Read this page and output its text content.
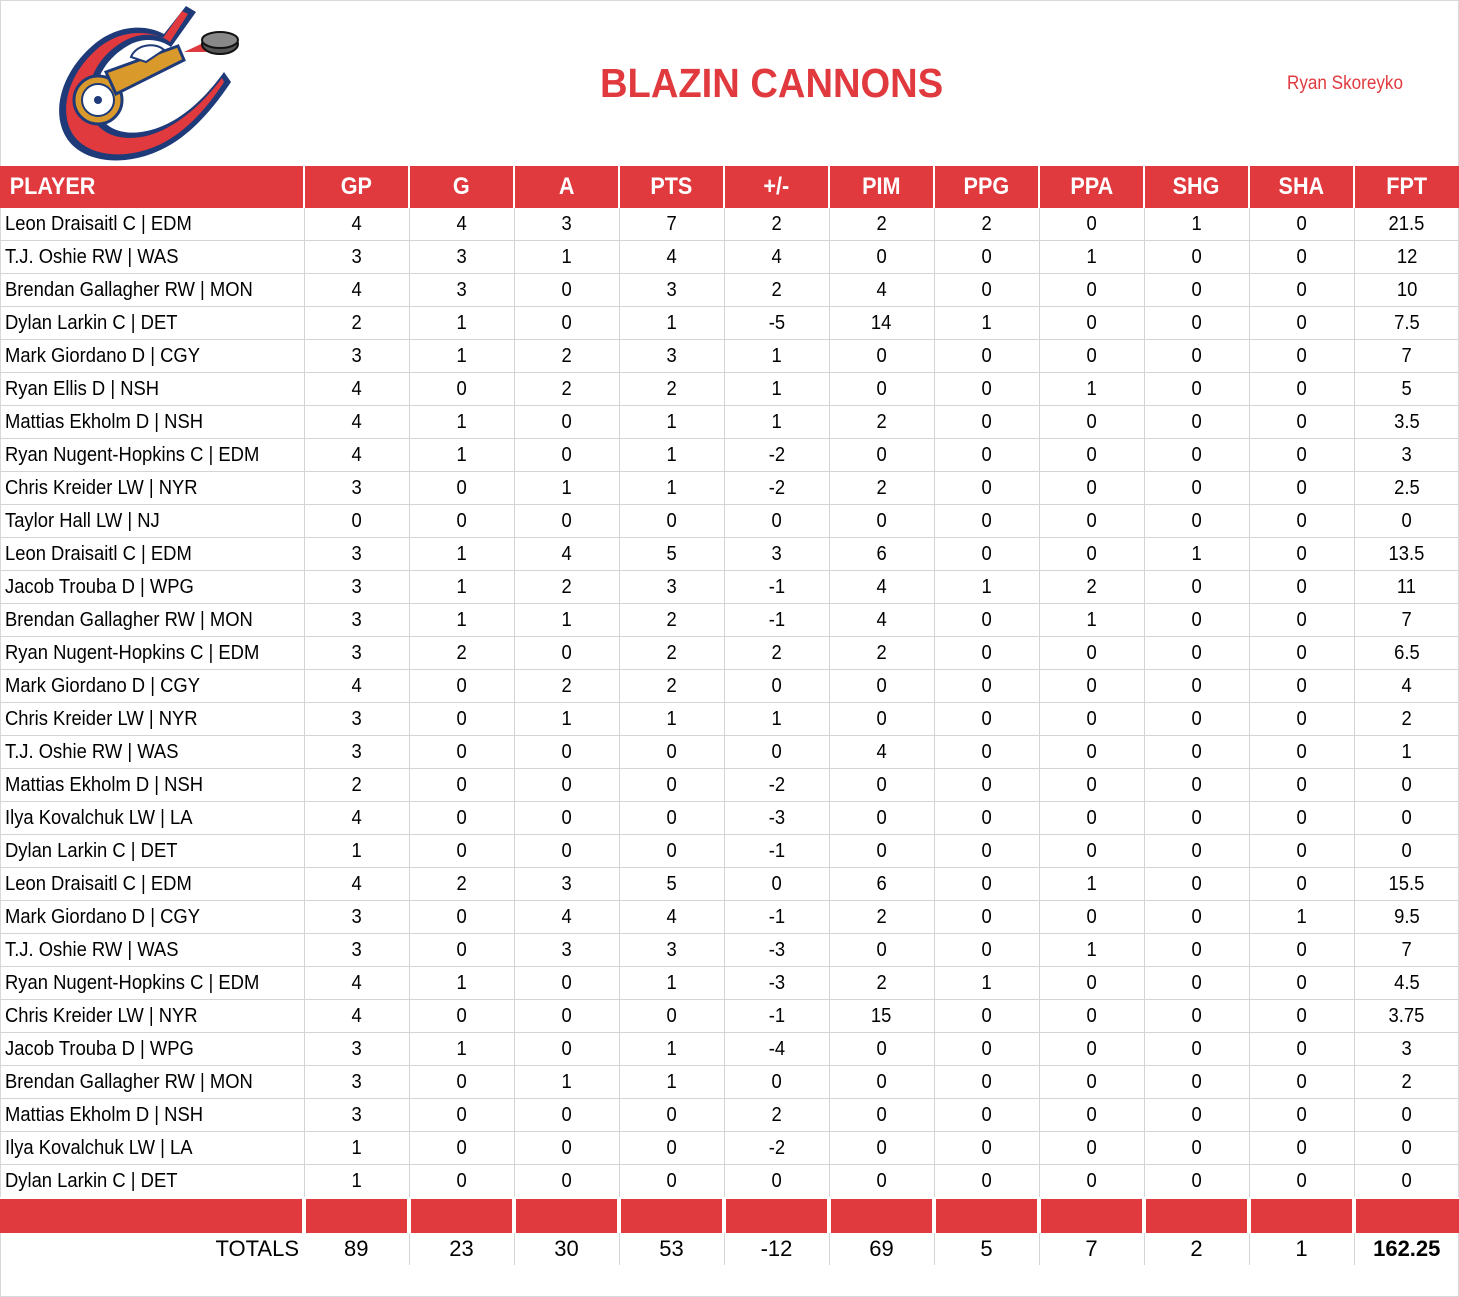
BLAZIN CANNONS	Ryan Skoreyko
PLAYER	GP	G	A	PTS	+/-	PIM	PPG	PPA	SHG	SHA	FPT
Leon Draisaitl C | EDM	4	4	3	7	2	2	2	0	1	0	21.5
T.J. Oshie RW | WAS	3	3	1	4	4	0	0	1	0	0	12
Brendan Gallagher RW | MON	4	3	0	3	2	4	0	0	0	0	10
Dylan Larkin C | DET	2	1	0	1	-5	14	1	0	0	0	7.5
Mark Giordano D | CGY	3	1	2	3	1	0	0	0	0	0	7
Ryan Ellis D | NSH	4	0	2	2	1	0	0	1	0	0	5
Mattias Ekholm D | NSH	4	1	0	1	1	2	0	0	0	0	3.5
Ryan Nugent-Hopkins C | EDM	4	1	0	1	-2	0	0	0	0	0	3
Chris Kreider LW | NYR	3	0	1	1	-2	2	0	0	0	0	2.5
Taylor Hall LW | NJ	0	0	0	0	0	0	0	0	0	0	0
Leon Draisaitl C | EDM	3	1	4	5	3	6	0	0	1	0	13.5
Jacob Trouba D | WPG	3	1	2	3	-1	4	1	2	0	0	11
Brendan Gallagher RW | MON	3	1	1	2	-1	4	0	1	0	0	7
Ryan Nugent-Hopkins C | EDM	3	2	0	2	2	2	0	0	0	0	6.5
Mark Giordano D | CGY	4	0	2	2	0	0	0	0	0	0	4
Chris Kreider LW | NYR	3	0	1	1	1	0	0	0	0	0	2
T.J. Oshie RW | WAS	3	0	0	0	0	4	0	0	0	0	1
Mattias Ekholm D | NSH	2	0	0	0	-2	0	0	0	0	0	0
Ilya Kovalchuk LW | LA	4	0	0	0	-3	0	0	0	0	0	0
Dylan Larkin C | DET	1	0	0	0	-1	0	0	0	0	0	0
Leon Draisaitl C | EDM	4	2	3	5	0	6	0	1	0	0	15.5
Mark Giordano D | CGY	3	0	4	4	-1	2	0	0	0	1	9.5
T.J. Oshie RW | WAS	3	0	3	3	-3	0	0	1	0	0	7
Ryan Nugent-Hopkins C | EDM	4	1	0	1	-3	2	1	0	0	0	4.5
Chris Kreider LW | NYR	4	0	0	0	-1	15	0	0	0	0	3.75
Jacob Trouba D | WPG	3	1	0	1	-4	0	0	0	0	0	3
Brendan Gallagher RW | MON	3	0	1	1	0	0	0	0	0	0	2
Mattias Ekholm D | NSH	3	0	0	0	2	0	0	0	0	0	0
Ilya Kovalchuk LW | LA	1	0	0	0	-2	0	0	0	0	0	0
Dylan Larkin C | DET	1	0	0	0	0	0	0	0	0	0	0

TOTALS	89	23	30	53	-12	69	5	7	2	1	162.25
